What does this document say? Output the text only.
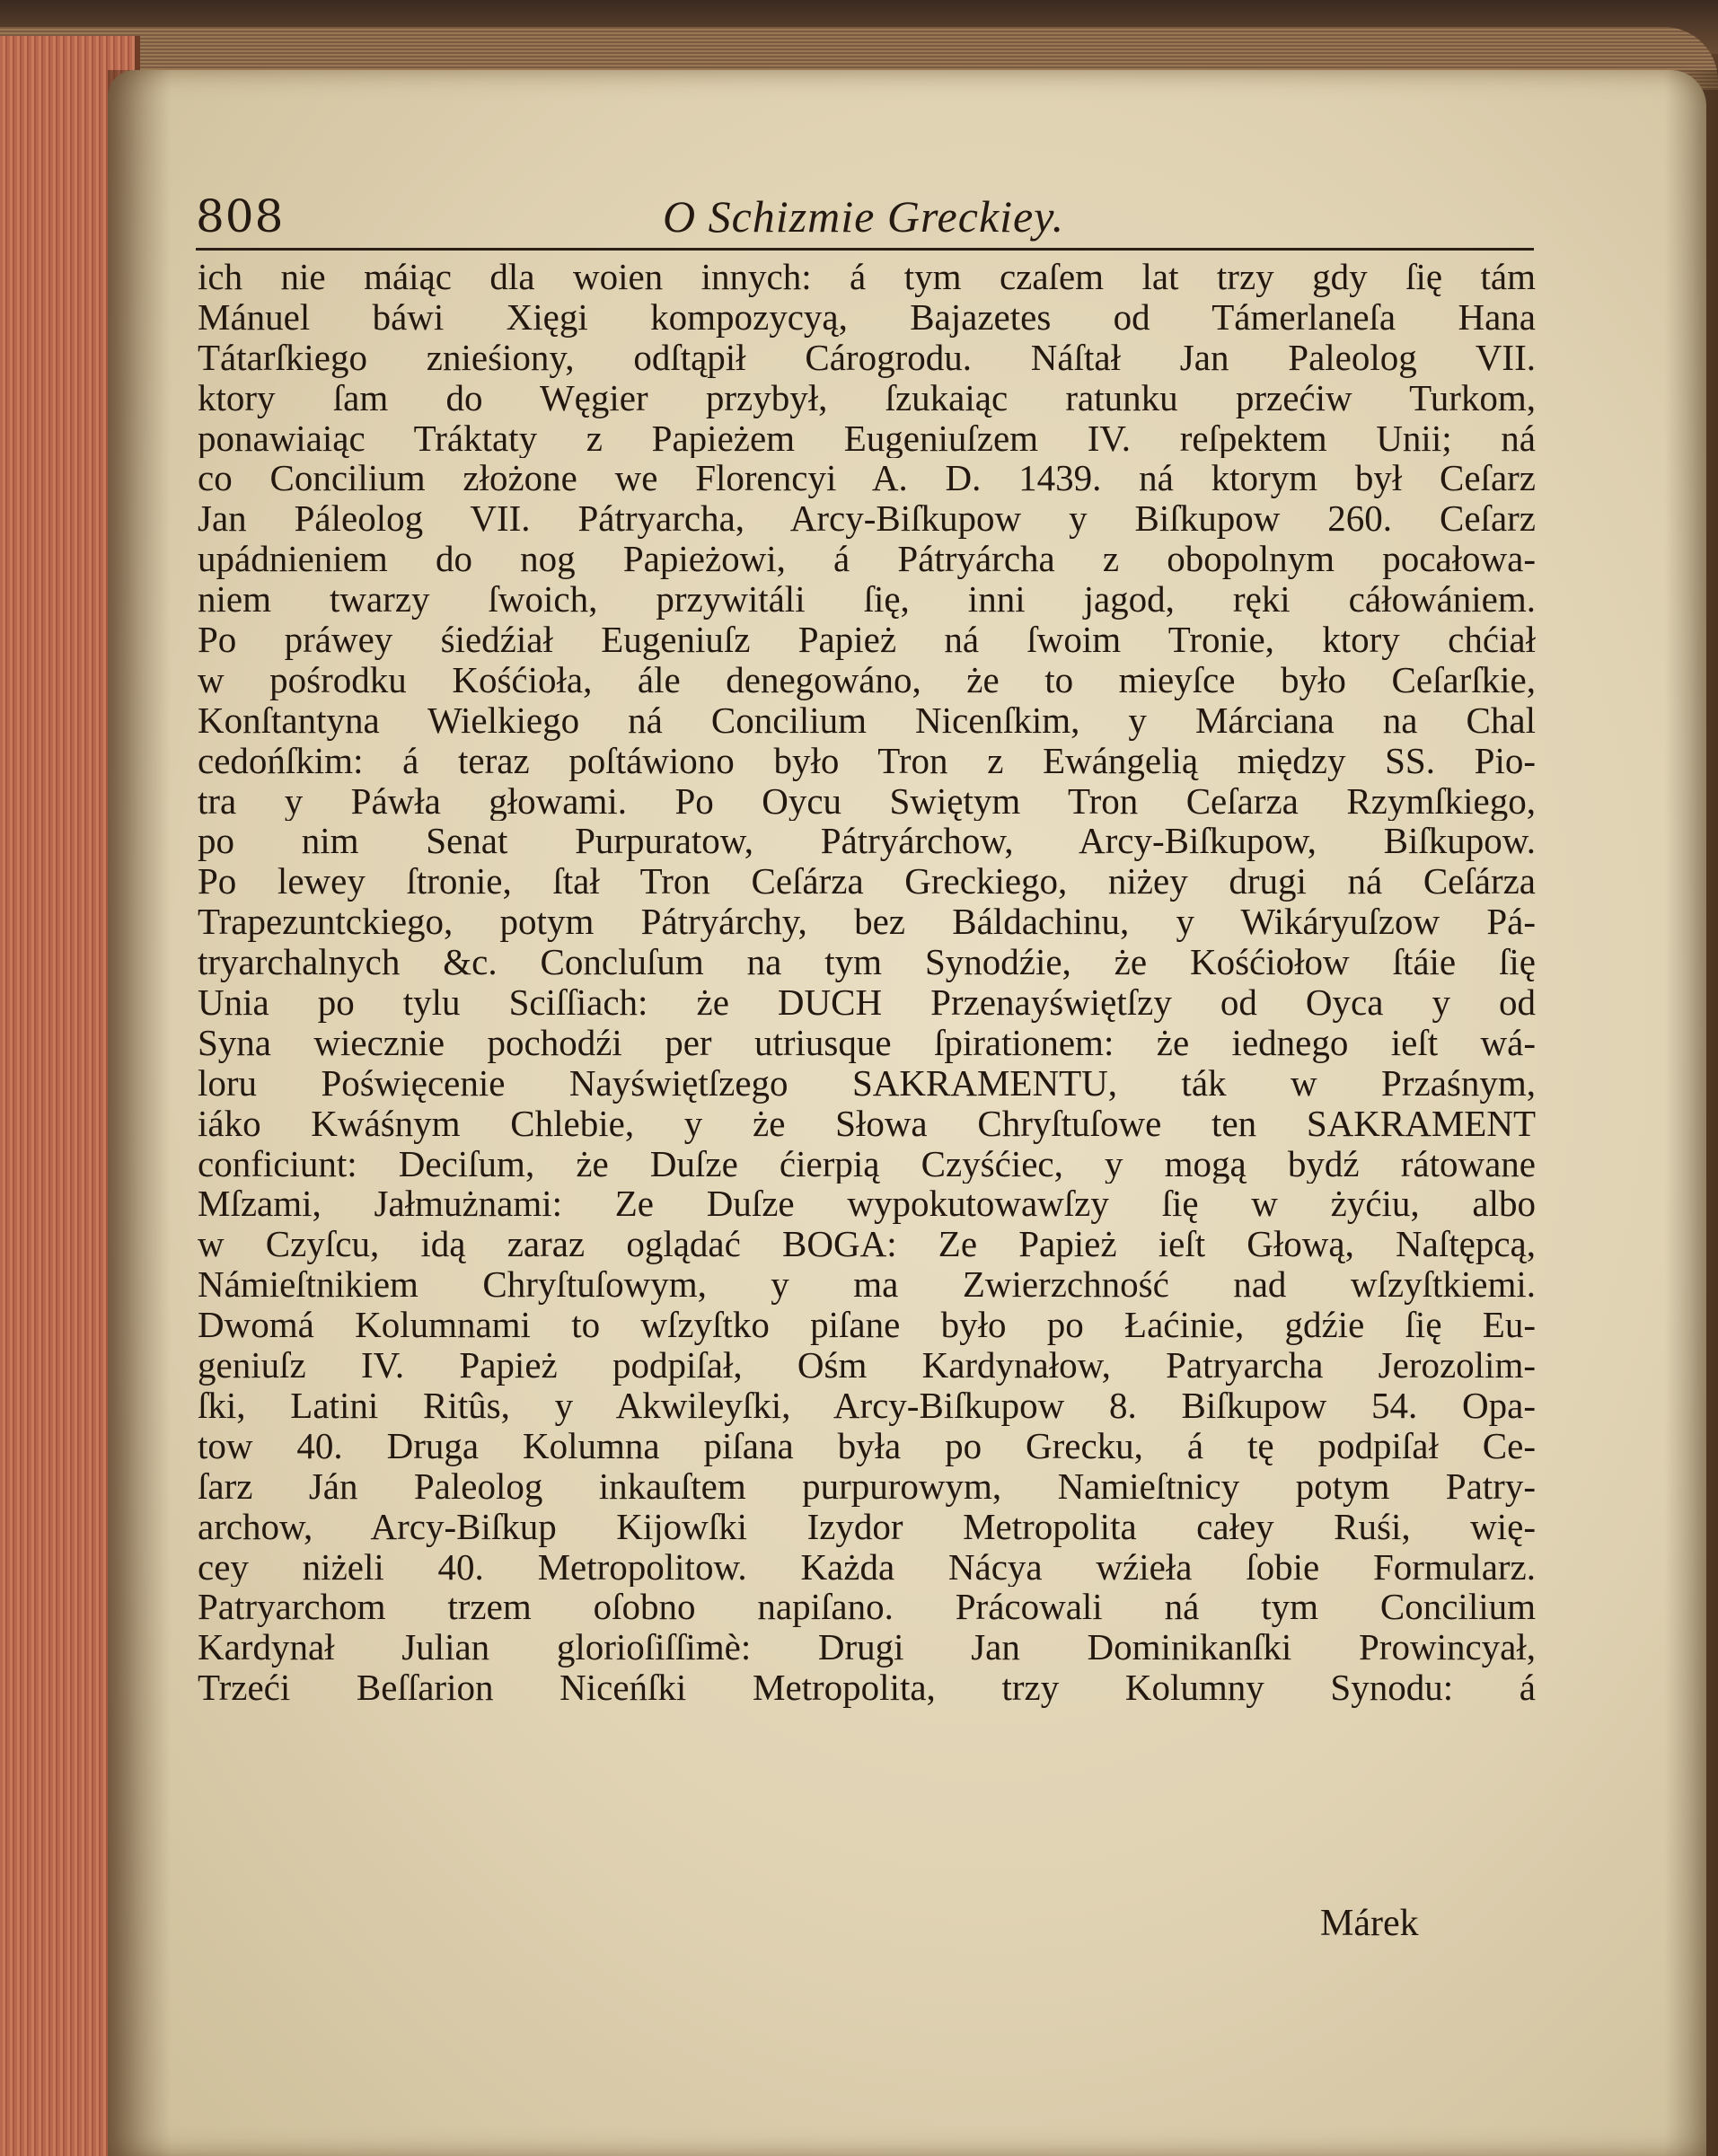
808	O Schizmie Greckiey.
ich nie máiąc dla woien innych: á tym czaſem lat trzy gdy ſię tám
Mánuel báwi Xięgi kompozycyą, Bajazetes od Támerlaneſa Hana
Tátarſkiego znieśiony, odſtąpił Cárogrodu. Náſtał Jan Paleolog VII.
ktory ſam do Węgier przybył, ſzukaiąc ratunku przećiw Turkom,
ponawiaiąc Tráktaty z Papieżem Eugeniuſzem IV. reſpektem Unii; ná
co Concilium złożone we Florencyi A. D. 1439. ná ktorym był Ceſarz
Jan Páleolog VII. Pátryarcha, Arcy-Biſkupow y Biſkupow 260. Ceſarz
upádnieniem do nog Papieżowi, á Pátryárcha z obopolnym pocałowa-
niem twarzy ſwoich, przywitáli ſię, inni jagod, ręki cáłowániem.
Po práwey śiedźiał Eugeniuſz Papież ná ſwoim Tronie, ktory chćiał
w pośrodku Kośćioła, ále denegowáno, że to mieyſce było Ceſarſkie,
Konſtantyna Wielkiego ná Concilium Nicenſkim, y Márciana na Chal
cedońſkim: á teraz poſtáwiono było Tron z Ewángelią między SS. Pio-
tra y Páwła głowami. Po Oycu Swiętym Tron Ceſarza Rzymſkiego,
po nim Senat Purpuratow, Pátryárchow, Arcy-Biſkupow, Biſkupow.
Po lewey ſtronie, ſtał Tron Ceſárza Greckiego, niżey drugi ná Ceſárza
Trapezuntckiego, potym Pátryárchy, bez Báldachinu, y Wikáryuſzow Pá-
tryarchalnych &c. Concluſum na tym Synodźie, że Kośćiołow ſtáie ſię
Unia po tylu Sciſſiach: że DUCH Przenayświętſzy od Oyca y od
Syna wiecznie pochodźi per utriusque ſpirationem: że iednego ieſt wá-
loru Poświęcenie Nayświętſzego SAKRAMENTU, ták w Przaśnym,
iáko Kwáśnym Chlebie, y że Słowa Chryſtuſowe ten SAKRAMENT
conficiunt: Deciſum, że Duſze ćierpią Czyśćiec, y mogą bydź rátowane
Mſzami, Jałmużnami: Ze Duſze wypokutowawſzy ſię w żyćiu, albo
w Czyſcu, idą zaraz oglądać BOGA: Ze Papież ieſt Głową, Naſtępcą,
Námieſtnikiem Chryſtuſowym, y ma Zwierzchność nad wſzyſtkiemi.
Dwomá Kolumnami to wſzyſtko piſane było po Łaćinie, gdźie ſię Eu-
geniuſz IV. Papież podpiſał, Ośm Kardynałow, Patryarcha Jerozolim-
ſki, Latini Ritûs, y Akwileyſki, Arcy-Biſkupow 8. Biſkupow 54. Opa-
tow 40. Druga Kolumna piſana była po Grecku, á tę podpiſał Ce-
ſarz Ján Paleolog inkauſtem purpurowym, Namieſtnicy potym Patry-
archow, Arcy-Biſkup Kijowſki Izydor Metropolita całey Ruśi, wię-
cey niżeli 40. Metropolitow. Każda Nácya wźieła ſobie Formularz.
Patryarchom trzem oſobno napiſano. Prácowali ná tym Concilium
Kardynał Julian glorioſiſſimè: Drugi Jan Dominikanſki Prowincyał,
Trzeći Beſſarion Niceńſki Metropolita, trzy Kolumny Synodu: á
Márek
